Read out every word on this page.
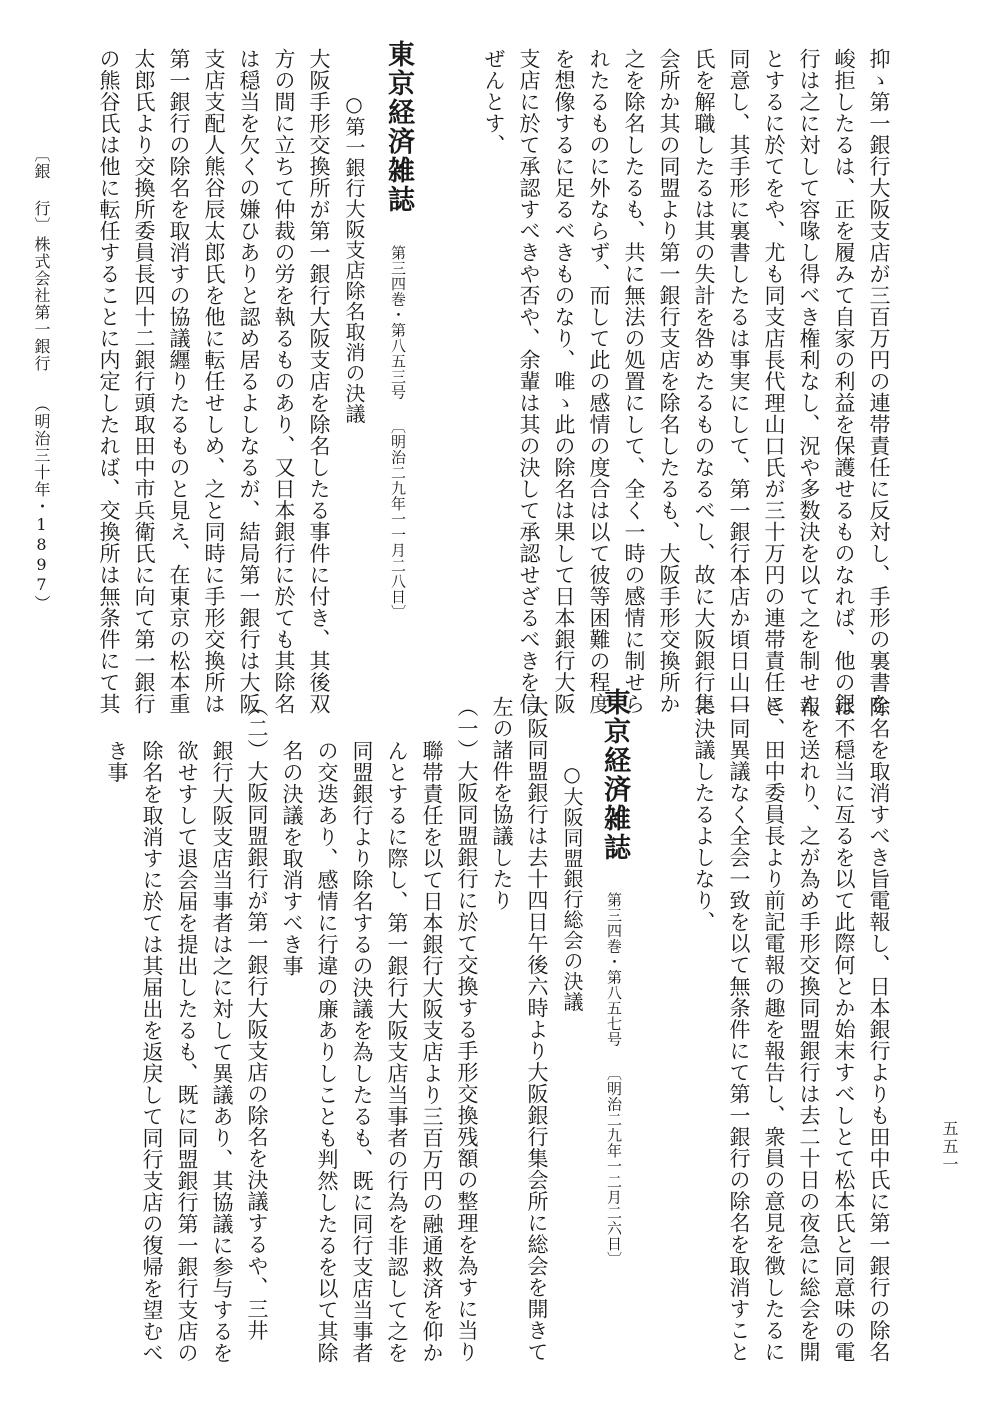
抑ゝ第一銀行大阪支店が三百万円の連帯責任に反対し、手形の裏書を
峻拒したるは、正を履みて自家の利益を保護せるものなれば、他の銀
行は之に対して容喙し得べき権利なし、況や多数決を以て之を制せん
とするに於てをや、尤も同支店長代理山口氏が三十万円の連帯責任に
同意し、其手形に裏書したるは事実にして、第一銀行本店か頃日山口
氏を解職したるは其の失計を咎めたるものなるべし、故に大阪銀行集
会所か其の同盟より第一銀行支店を除名したるも、大阪手形交換所か
之を除名したるも、共に無法の処置にして、全く一時の感情に制せら
れたるものに外ならず、而して此の感情の度合は以て彼等困難の程度
を想像するに足るべきものなり、唯ゝ此の除名は果して日本銀行大阪
支店に於て承認すべきや否や、余輩は其の決して承認せざるべきを信
ぜんとす、
東京経済雑誌
第三四巻・第八五三号 〔明治二九年一一月二八日〕
○第一銀行大阪支店除名取消の決議
大阪手形交換所が第一銀行大阪支店を除名したる事件に付き、其後双
方の間に立ちて仲裁の労を執るものあり、又日本銀行に於ても其除名
は穏当を欠くの嫌ひありと認め居るよしなるが、結局第一銀行は大阪
支店支配人熊谷辰太郎氏を他に転任せしめ、之と同時に手形交換所は
第一銀行の除名を取消すの協議纒りたるものと見え、在東京の松本重
太郎氏より交換所委員長四十二銀行頭取田中市兵衛氏に向て第一銀行
の熊谷氏は他に転任することに内定したれば、交換所は無条件にて其
除名を取消すべき旨電報し、日本銀行よりも田中氏に第一銀行の除名
は不穏当に亙るを以て此際何とか始末すべしとて松本氏と同意味の電
報を送れり、之が為め手形交換同盟銀行は去二十日の夜急に総会を開
き、田中委員長より前記電報の趣を報告し、衆員の意見を徴したるに
一同異議なく全会一致を以て無条件にて第一銀行の除名を取消すこと
に決議したるよしなり、
東京経済雑誌
第三四巻・第八五七号 〔明治二九年一二月二六日〕
○大阪同盟銀行総会の決議
大阪同盟銀行は去十四日午後六時より大阪銀行集会所に総会を開きて
左の諸件を協議したり
（一）大阪同盟銀行に於て交換する手形交換残額の整理を為すに当り
聯帯責任を以て日本銀行大阪支店より三百万円の融通救済を仰か
んとするに際し、第一銀行大阪支店当事者の行為を非認して之を
同盟銀行より除名するの決議を為したるも、既に同行支店当事者
の交迭あり、感情に行違の廉ありしことも判然したるを以て其除
名の決議を取消すべき事
（二）大阪同盟銀行が第一銀行大阪支店の除名を決議するや、三井
銀行大阪支店当事者は之に対して異議あり、其協議に参与するを
欲せすして退会届を提出したるも、既に同盟銀行第一銀行支店の
除名を取消すに於ては其届出を返戻して同行支店の復帰を望むべ
き事
〔銀 行〕
株式会社第一銀行
（明治三十年・1897）
五五一
